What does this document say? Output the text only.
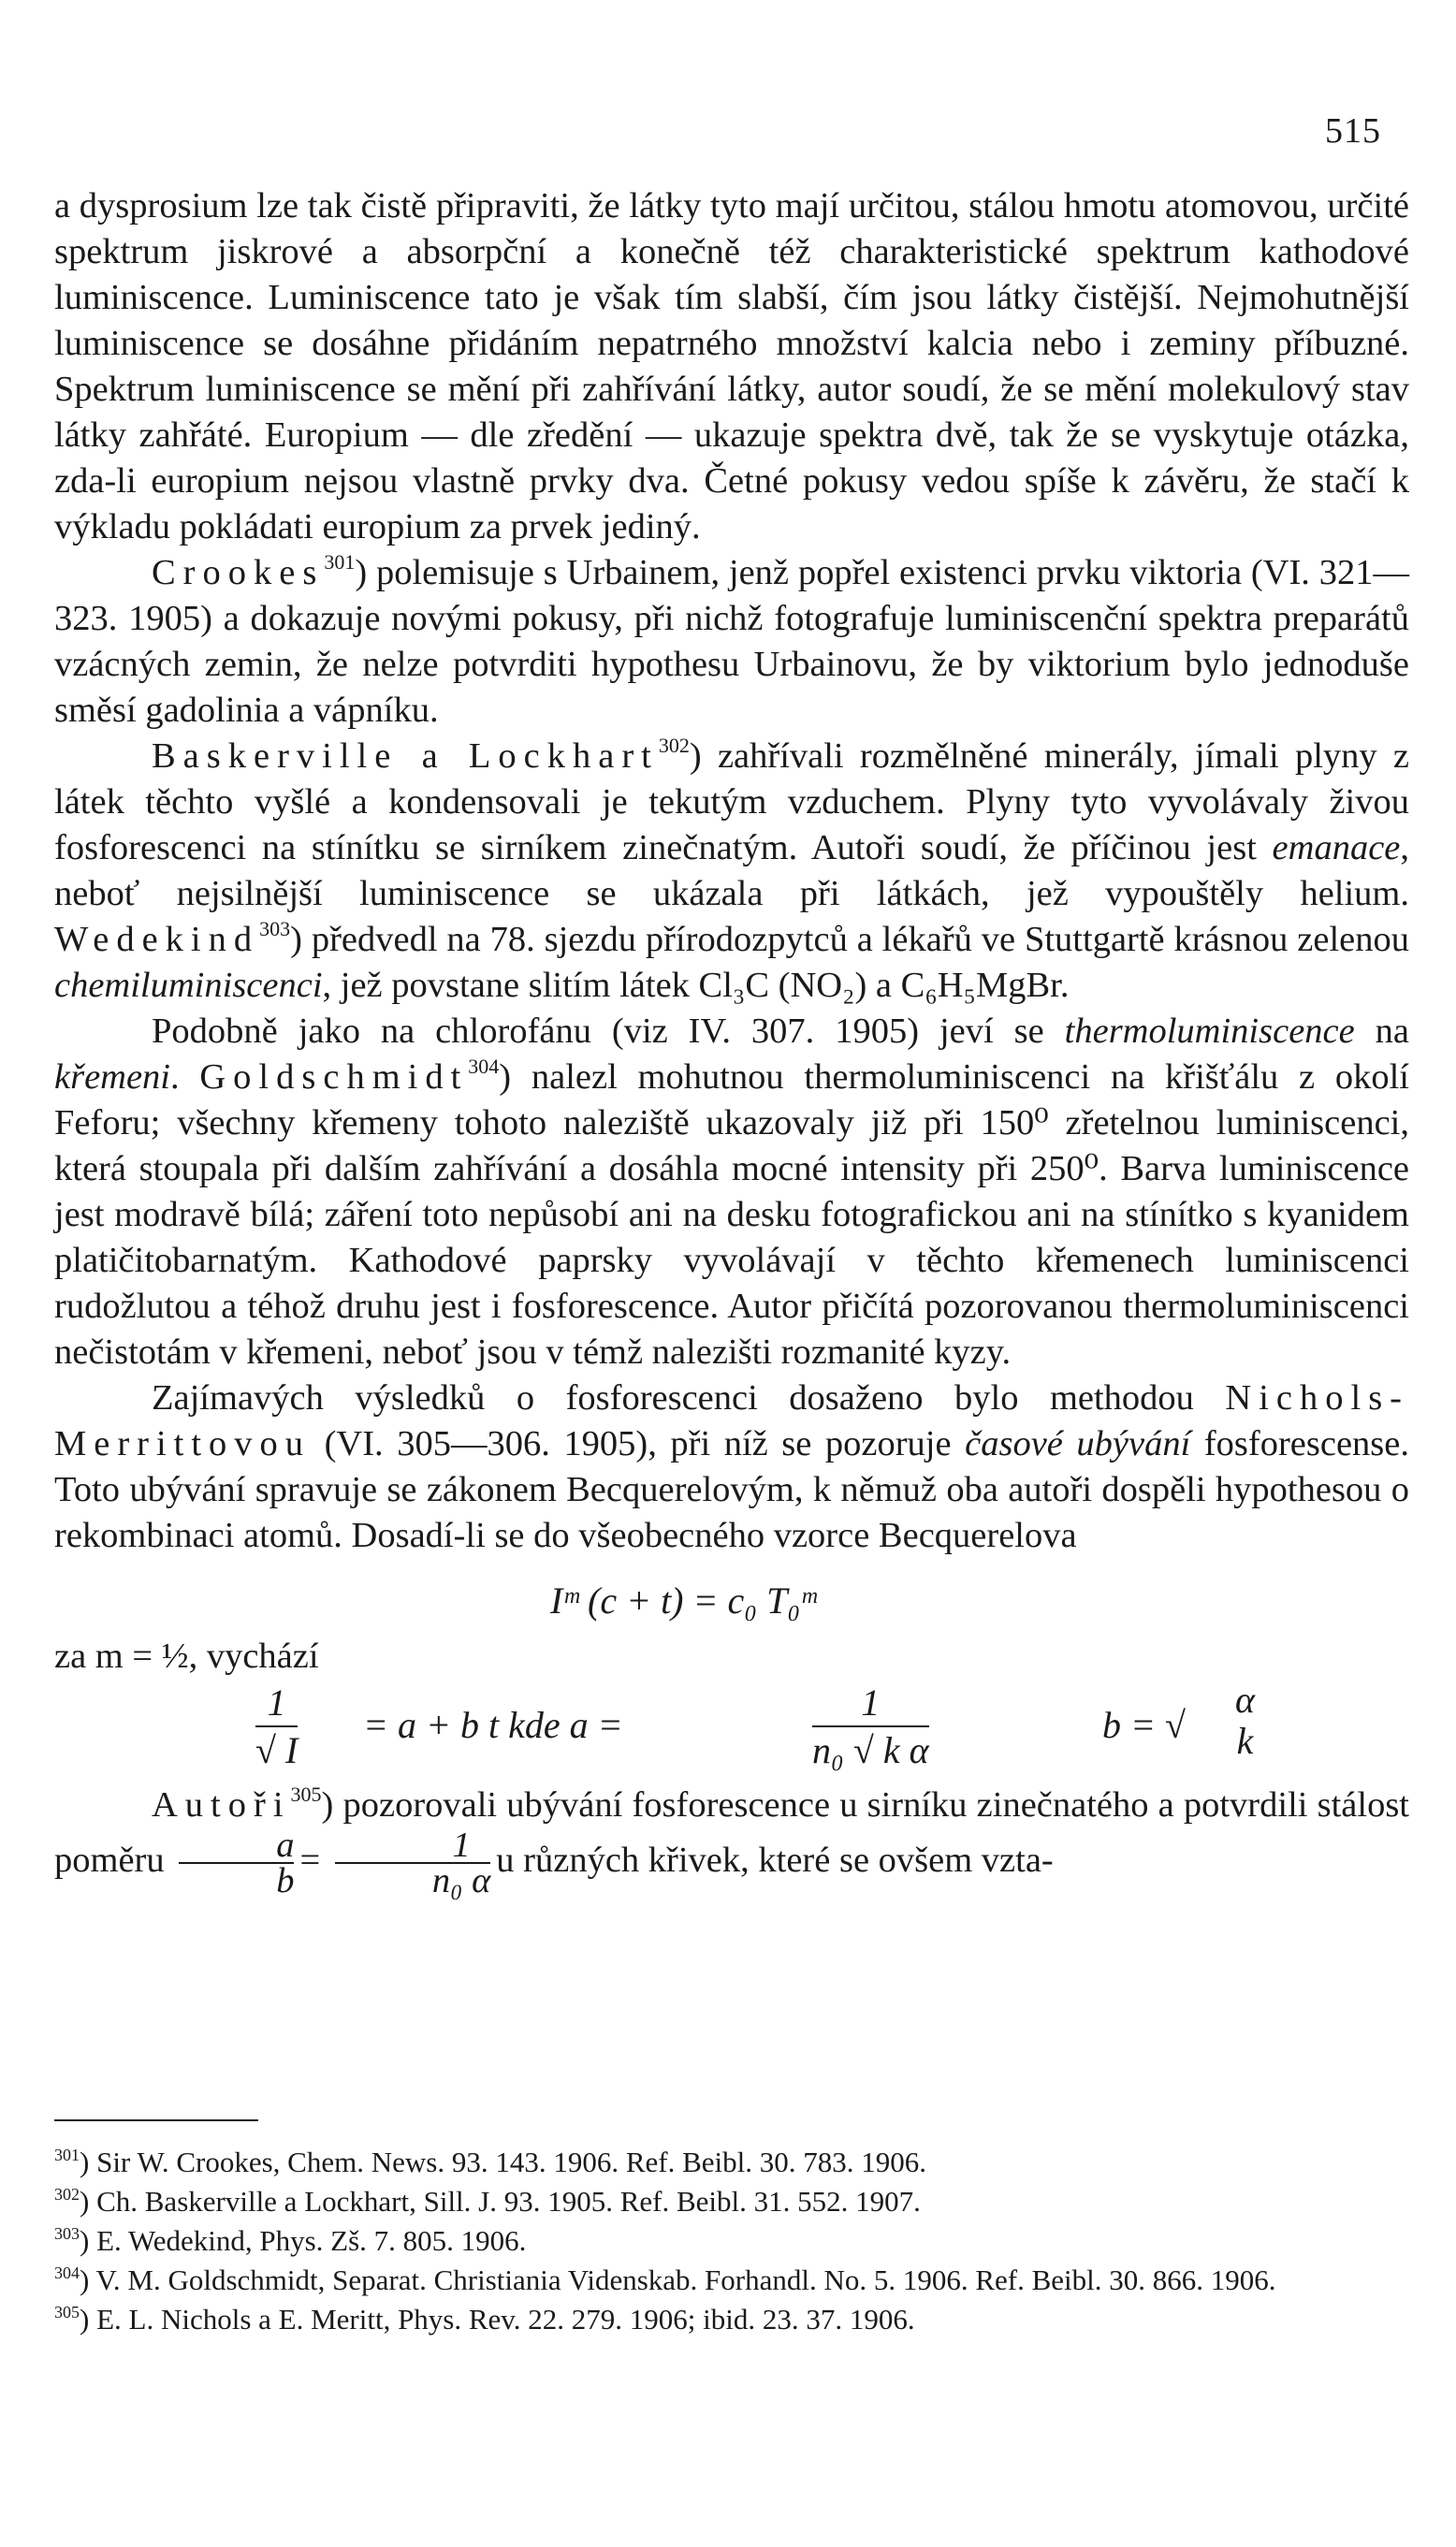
515

a dysprosium lze tak čistě připraviti, že látky tyto mají určitou, stálou hmotu atomovou, určité spektrum jiskrové a absorpční a konečně též charakteristické spektrum kathodové luminiscence. Luminiscence tato je však tím slabší, čím jsou látky čistější. Nejmohutnější luminiscence se dosáhne přidáním nepatrného množství kalcia nebo i zeminy příbuzné. Spektrum luminiscence se mění při zahřívání látky, autor soudí, že se mění molekulový stav látky zahřáté. Europium — dle zředění — ukazuje spektra dvě, tak že se vyskytuje otázka, zda-li europium nejsou vlastně prvky dva. Četné pokusy vedou spíše k závěru, že stačí k výkladu pokládati europium za prvek jediný.

Crookes$^{301}$) polemisuje s Urbainem, jenž popřel existenci prvku viktoria (VI. 321—323. 1905) a dokazuje novými pokusy, při nichž fotografuje luminiscenční spektra preparátů vzácných zemin, že nelze potvrditi hypothesu Urbainovu, že by viktorium bylo jednoduše směsí gadolinia a vápníku.

Baskerville a Lockhart$^{302}$) zahřívali rozmělněné minerály, jímali plyny z látek těchto vyšlé a kondensovali je tekutým vzduchem. Plyny tyto vyvolávaly živou fosforescenci na stínítku se sirníkem zinečnatým. Autoři soudí, že příčinou jest emanace, neboť nejsilnější luminiscence se ukázala při látkách, jež vypouštěly helium. Wedekind$^{303}$) předvedl na 78. sjezdu přírodozpytců a lékařů ve Stuttgartě krásnou zelenou chemiluminiscenci, jež povstane slitím látek Cl₃C (NO₂) a C₆H₅MgBr.

Podobně jako na chlorofánu (viz IV. 307. 1905) jeví se thermoluminiscence na křemeni. Goldschmidt$^{304}$) nalezl mohutnou thermoluminiscenci na křišťálu z okolí Feforu; všechny křemeny tohoto naleziště ukazovaly již při 150⁰ zřetelnou luminiscenci, která stoupala při dalším zahřívání a dosáhla mocné intensity při 250⁰. Barva luminiscence jest modravě bílá; záření toto nepůsobí ani na desku fotografickou ani na stínítko s kyanidem platičitobarnatým. Kathodové paprsky vyvolávají v těchto křemenech luminiscenci rudožlutou a téhož druhu jest i fosforescence. Autor přičítá pozorovanou thermoluminiscenci nečistotám v křemeni, neboť jsou v témž nalezišti rozmanité kyzy.

Zajímavých výsledků o fosforescenci dosaženo bylo methodou Nichols-Merrittovou (VI. 305—306. 1905), při níž se pozoruje časové ubývání fosforescense. Toto ubývání spravuje se zákonem Becquerelovým, k němuž oba autoři dospěli hypothesou o rekombinaci atomů. Dosadí-li se do všeobecného vzorce Becquerelova

Iᵐ (c + t) = c₀ T₀ᵐ

za m = ½, vychází

$\frac{1}{√ I} = a + b$ t kde a =	$\frac{1}{\text{n₀ √ k α}}$	b = √
α
k

Autoři$^{305}$) pozorovali ubývání fosforescence u sirníku zinečnatého a potvrdili stálost poměru $\frac{a}{b} = \frac{1}{\text{n₀ α}}$ u různých křivek, které se ovšem vzta-

$^{301}$) Sir W. Crookes, Chem. News. 93. 143. 1906. Ref. Beibl. 30. 783. 1906.

$^{302}$) Ch. Baskerville a Lockhart, Sill. J. 93. 1905. Ref. Beibl. 31. 552. 1907.

$^{303}$) E. Wedekind, Phys. Zš. 7. 805. 1906.

$^{304}$) V. M. Goldschmidt, Separat. Christiania Videnskab. Forhandl. No. 5. 1906. Ref. Beibl. 30. 866. 1906.

$^{305}$) E. L. Nichols a E. Meritt, Phys. Rev. 22. 279. 1906; ibid. 23. 37. 1906.
